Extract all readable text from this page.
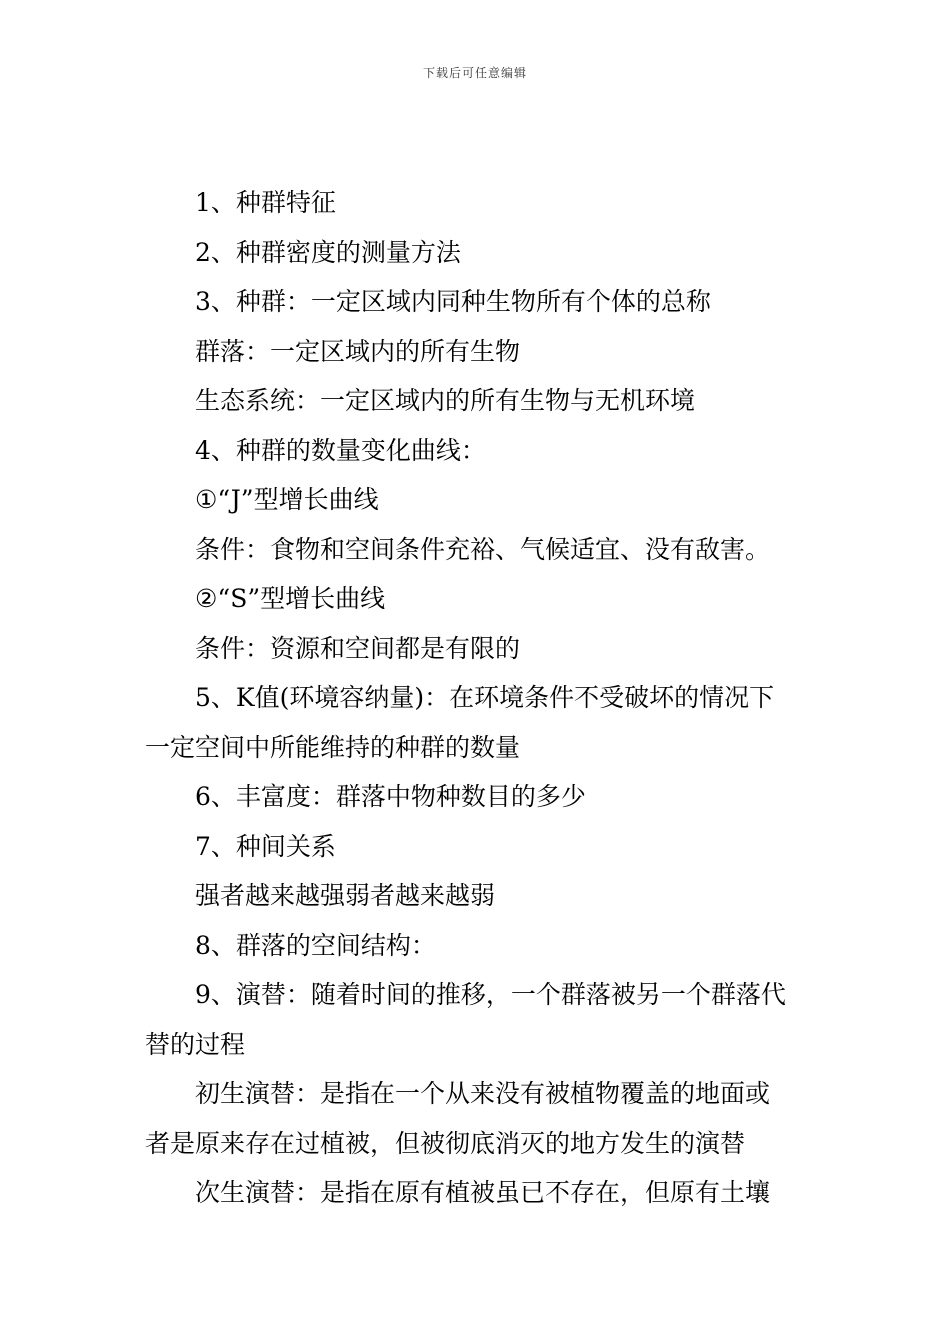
下载后可任意编辑

1、种群特征

2、种群密度的测量方法

3、种群：一定区域内同种生物所有个体的总称

群落：一定区域内的所有生物

生态系统：一定区域内的所有生物与无机环境

4、种群的数量变化曲线：

①“J”型增长曲线

条件：食物和空间条件充裕、气候适宜、没有敌害。

②“S”型增长曲线

条件：资源和空间都是有限的

5、K值(环境容纳量)：在环境条件不受破坏的情况下

一定空间中所能维持的种群的数量

6、丰富度：群落中物种数目的多少

7、种间关系

强者越来越强弱者越来越弱

8、群落的空间结构：

9、演替：随着时间的推移，一个群落被另一个群落代

替的过程

初生演替：是指在一个从来没有被植物覆盖的地面或

者是原来存在过植被，但被彻底消灭的地方发生的演替

次生演替：是指在原有植被虽已不存在，但原有土壤
